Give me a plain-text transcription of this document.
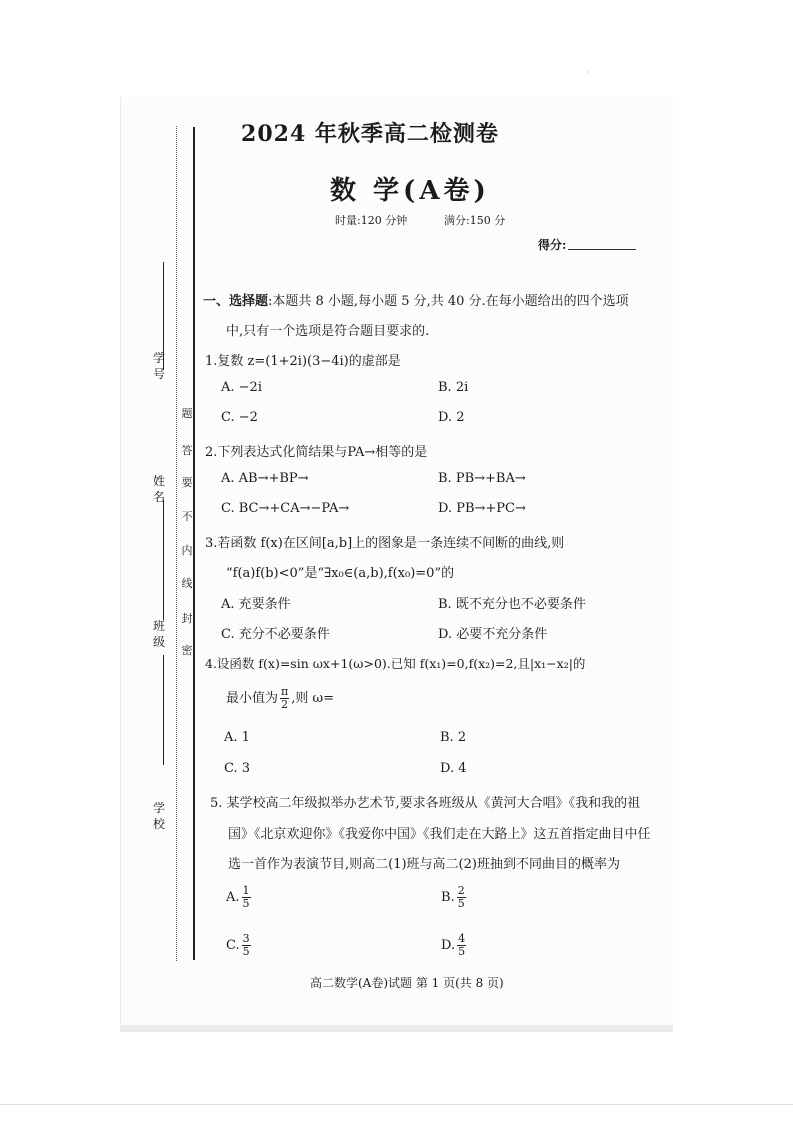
·
学 号
姓 名
班 级
学 校
题
答
要
不
内
线
封
密
2024 年秋季高二检测卷
数 学(A卷)
时量:120 分钟	满分:150 分
得分:
一、选择题:本题共 8 小题,每小题 5 分,共 40 分.在每小题给出的四个选项
中,只有一个选项是符合题目要求的.
1.复数 z=(1+2i)(3−4i)的虚部是
A. −2i	B. 2i
C. −2	D. 2
2.下列表达式化简结果与PA→相等的是
A. AB→+BP→	B. PB→+BA→
C. BC→+CA→−PA→	D. PB→+PC→
3.若函数 f(x)在区间[a,b]上的图象是一条连续不间断的曲线,则
“f(a)f(b)<0”是“∃x₀∈(a,b),f(x₀)=0”的
A. 充要条件	B. 既不充分也不必要条件
C. 充分不必要条件	D. 必要不充分条件
4.设函数 f(x)=sin ωx+1(ω>0).已知 f(x₁)=0,f(x₂)=2,且|x₁−x₂|的
最小值为 $\frac{\pi}{2}$ ,则 ω=
A. 1	B. 2
C. 3	D. 4
5. 某学校高二年级拟举办艺术节,要求各班级从《黄河大合唱》《我和我的祖
国》《北京欢迎你》《我爱你中国》《我们走在大路上》这五首指定曲目中任
选一首作为表演节目,则高二(1)班与高二(2)班抽到不同曲目的概率为
A. $\frac{1}{5}$	B. $\frac{2}{5}$
C. $\frac{3}{5}$	D. $\frac{4}{5}$
高二数学(A卷)试题 第 1 页(共 8 页)
